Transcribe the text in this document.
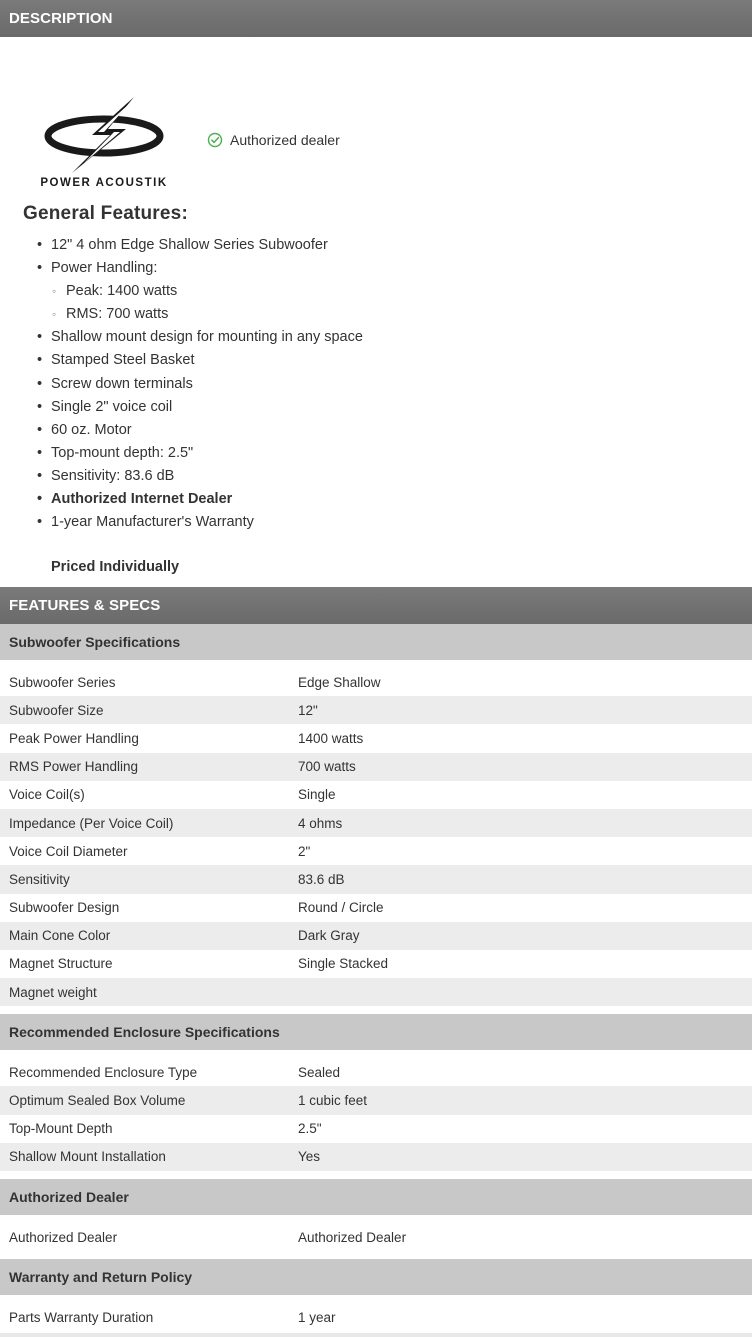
DESCRIPTION
POWER ACOUSTIK
Authorized dealer
General Features:
• 12" 4 ohm Edge Shallow Series Subwoofer
• Power Handling:
◦ Peak: 1400 watts
◦ RMS: 700 watts
• Shallow mount design for mounting in any space
• Stamped Steel Basket
• Screw down terminals
• Single 2" voice coil
• 60 oz. Motor
• Top-mount depth: 2.5"
• Sensitivity: 83.6 dB
• Authorized Internet Dealer
• 1-year Manufacturer's Warranty
Priced Individually
FEATURES & SPECS
Subwoofer Specifications
Subwoofer Series	Edge Shallow
Subwoofer Size	12"
Peak Power Handling	1400 watts
RMS Power Handling	700 watts
Voice Coil(s)	Single
Impedance (Per Voice Coil)	4 ohms
Voice Coil Diameter	2"
Sensitivity	83.6 dB
Subwoofer Design	Round / Circle
Main Cone Color	Dark Gray
Magnet Structure	Single Stacked
Magnet weight
Recommended Enclosure Specifications
Recommended Enclosure Type	Sealed
Optimum Sealed Box Volume	1 cubic feet
Top-Mount Depth	2.5"
Shallow Mount Installation	Yes
Authorized Dealer
Authorized Dealer	Authorized Dealer
Warranty and Return Policy
Parts Warranty Duration	1 year
